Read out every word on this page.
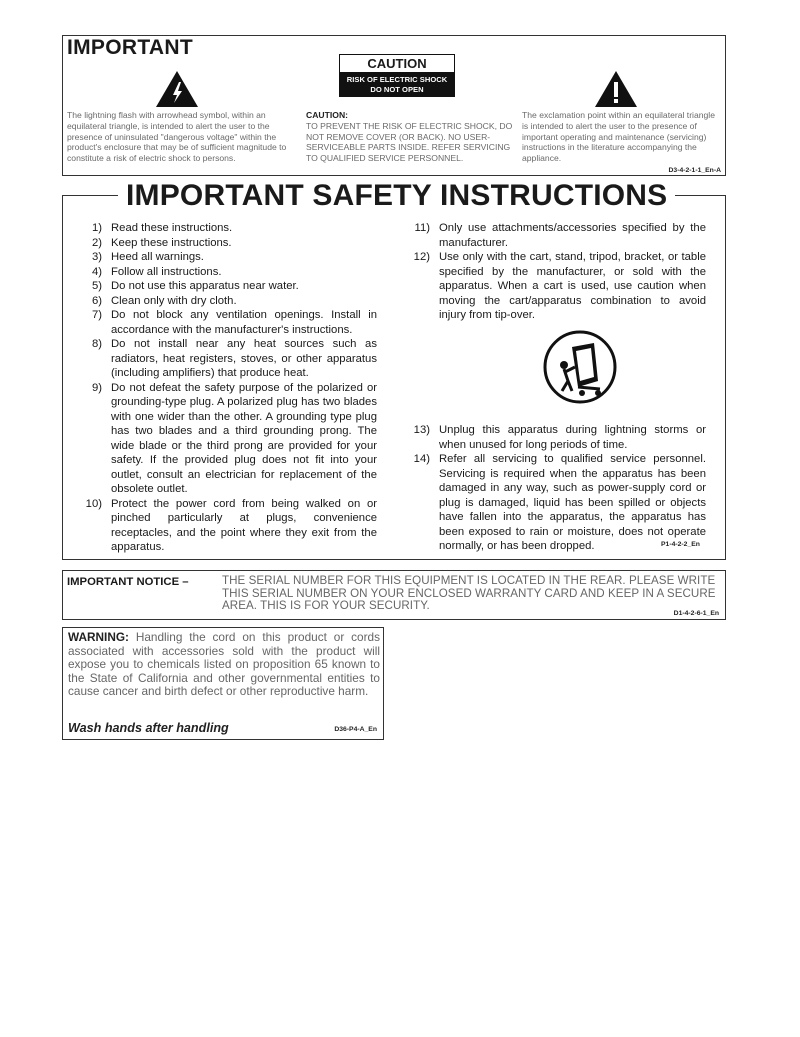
IMPORTANT
CAUTION
RISK OF ELECTRIC SHOCK
DO NOT OPEN
The lightning flash with arrowhead symbol, within an equilateral triangle, is intended to alert the user to the presence of uninsulated "dangerous voltage" within the product's enclosure that may be of sufficient magnitude to constitute a risk of electric shock to persons.
CAUTION:
TO PREVENT THE RISK OF ELECTRIC SHOCK, DO NOT REMOVE COVER (OR BACK). NO USER-SERVICEABLE PARTS INSIDE. REFER SERVICING TO QUALIFIED SERVICE PERSONNEL.
The exclamation point within an equilateral triangle is intended to alert the user to the presence of important operating and maintenance (servicing) instructions in the literature accompanying the appliance.
D3-4-2-1-1_En-A
IMPORTANT SAFETY INSTRUCTIONS
1) Read these instructions.
2) Keep these instructions.
3) Heed all warnings.
4) Follow all instructions.
5) Do not use this apparatus near water.
6) Clean only with dry cloth.
7) Do not block any ventilation openings. Install in accordance with the manufacturer's instructions.
8) Do not install near any heat sources such as radiators, heat registers, stoves, or other apparatus (including amplifiers) that produce heat.
9) Do not defeat the safety purpose of the polarized or grounding-type plug. A polarized plug has two blades with one wider than the other. A grounding type plug has two blades and a third grounding prong. The wide blade or the third prong are provided for your safety. If the provided plug does not fit into your outlet, consult an electrician for replacement of the obsolete outlet.
10) Protect the power cord from being walked on or pinched particularly at plugs, convenience receptacles, and the point where they exit from the apparatus.
11) Only use attachments/accessories specified by the manufacturer.
12) Use only with the cart, stand, tripod, bracket, or table specified by the manufacturer, or sold with the apparatus. When a cart is used, use caution when moving the cart/apparatus combination to avoid injury from tip-over.
13) Unplug this apparatus during lightning storms or when unused for long periods of time.
14) Refer all servicing to qualified service personnel. Servicing is required when the apparatus has been damaged in any way, such as power-supply cord or plug is damaged, liquid has been spilled or objects have fallen into the apparatus, the apparatus has been exposed to rain or moisture, does not operate normally, or has been dropped.	P1-4-2-2_En
IMPORTANT NOTICE –	THE SERIAL NUMBER FOR THIS EQUIPMENT IS LOCATED IN THE REAR. PLEASE WRITE THIS SERIAL NUMBER ON YOUR ENCLOSED WARRANTY CARD AND KEEP IN A SECURE AREA. THIS IS FOR YOUR SECURITY.
D1-4-2-6-1_En
WARNING: Handling the cord on this product or cords associated with accessories sold with the product will expose you to chemicals listed on proposition 65 known to the State of California and other governmental entities to cause cancer and birth defect or other reproductive harm.
Wash hands after handling	D36-P4-A_En
